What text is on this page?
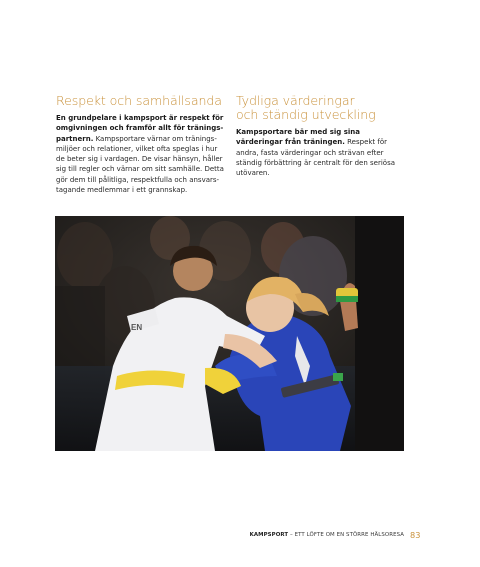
Respekt och samhällsanda

En grundpelare i kampsport är respekt för omgivningen och framför allt för träningspartnern. Kampsportare värnar om träningsmiljöer och relationer, vilket ofta speglas i hur de beter sig i vardagen. De visar hänsyn, håller sig till regler och värnar om sitt samhälle. Detta gör dem till pålitliga, respektfulla och ansvarstagande medlemmar i ett grannskap.

Tydliga värderingar
och ständig utveckling

Kampsportare bär med sig sina värderingar från träningen. Respekt för andra, fasta värderingar och strävan efter ständig förbättring är centralt för den seriösa utövaren.

EN
KAMPSPORT – ETT LÖFTE OM EN STÖRRE HÄLSORESA 83
